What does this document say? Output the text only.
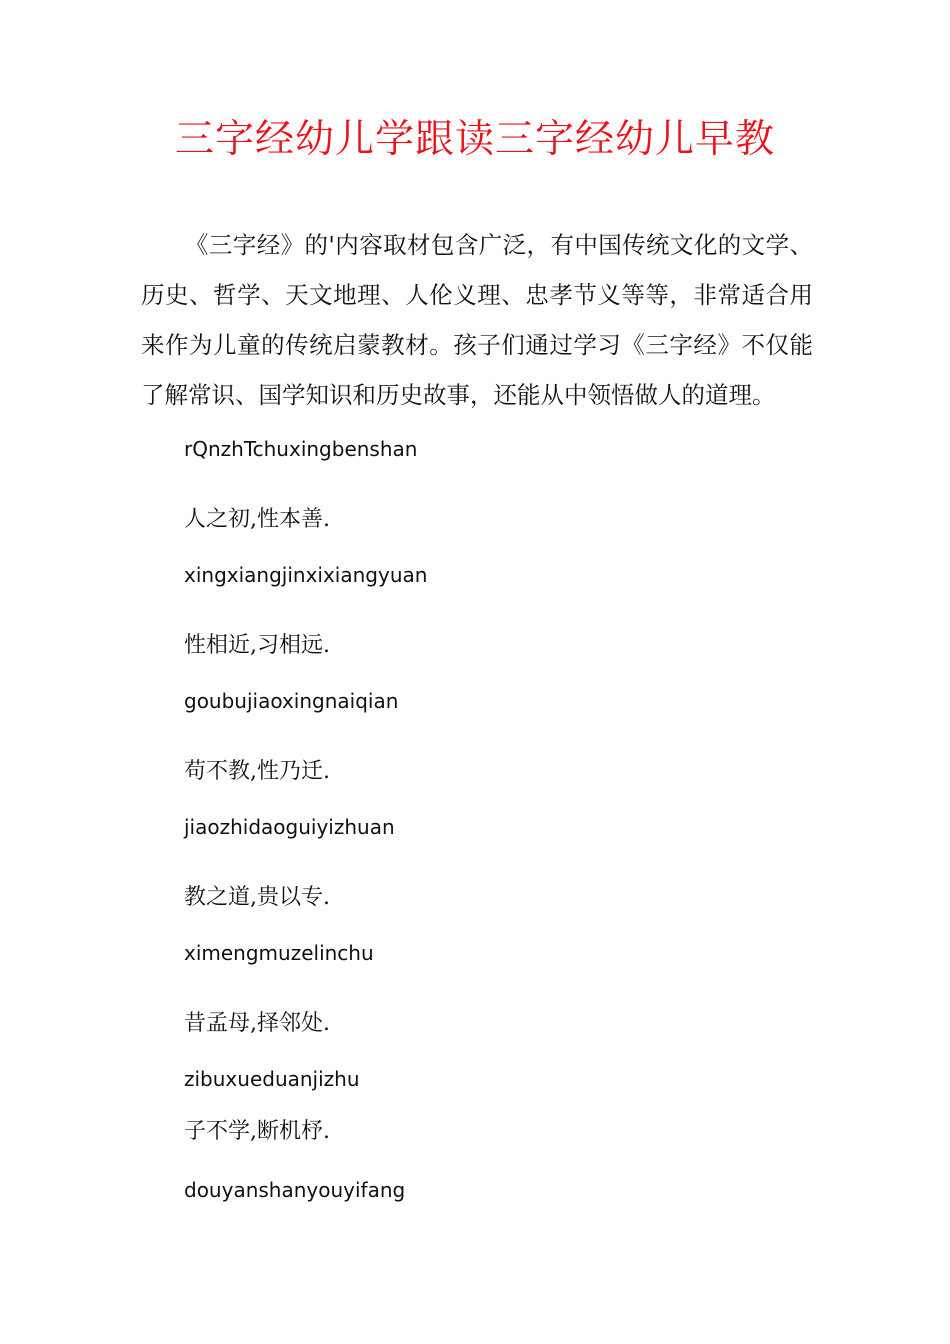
三字经幼儿学跟读三字经幼儿早教

《三字经》的'内容取材包含广泛，有中国传统文化的文学、历史、哲学、天文地理、人伦义理、忠孝节义等等，非常适合用来作为儿童的传统启蒙教材。孩子们通过学习《三字经》不仅能了解常识、国学知识和历史故事，还能从中领悟做人的道理。

rQnzhTchuxingbenshan
人之初,性本善.
xingxiangjinxixiangyuan
性相近,习相远.
goubujiaoxingnaiqian
苟不教,性乃迁.
jiaozhidaoguiyizhuan
教之道,贵以专.
ximengmuzelinchu
昔孟母,择邻处.
zibuxueduanjizhu
子不学,断机杼.
douyanshanyouyifang
